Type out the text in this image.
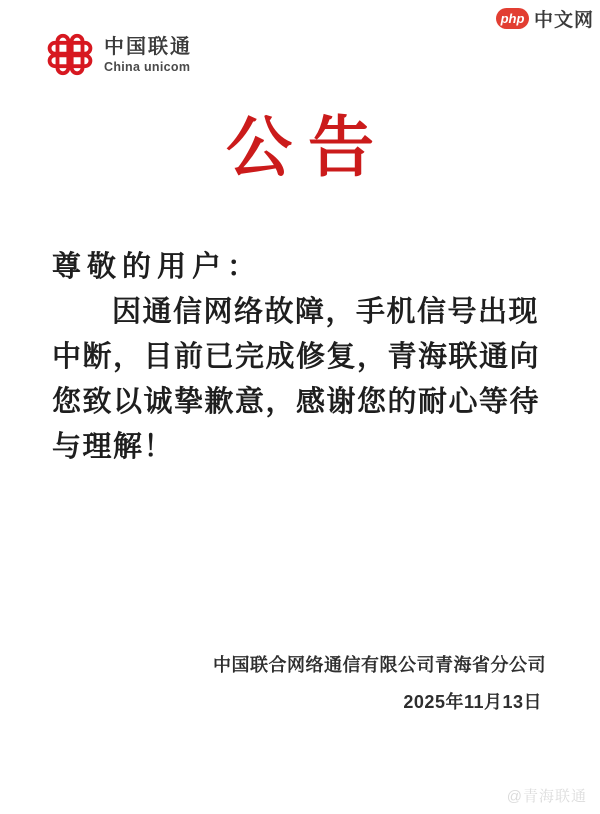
php 中文网
中国联通
China unicom
公告
尊敬的用户：
因通信网络故障，手机信号出现
中断，目前已完成修复，青海联通向
您致以诚挚歉意，感谢您的耐心等待
与理解！
中国联合网络通信有限公司青海省分公司
2025年11月13日
@青海联通
